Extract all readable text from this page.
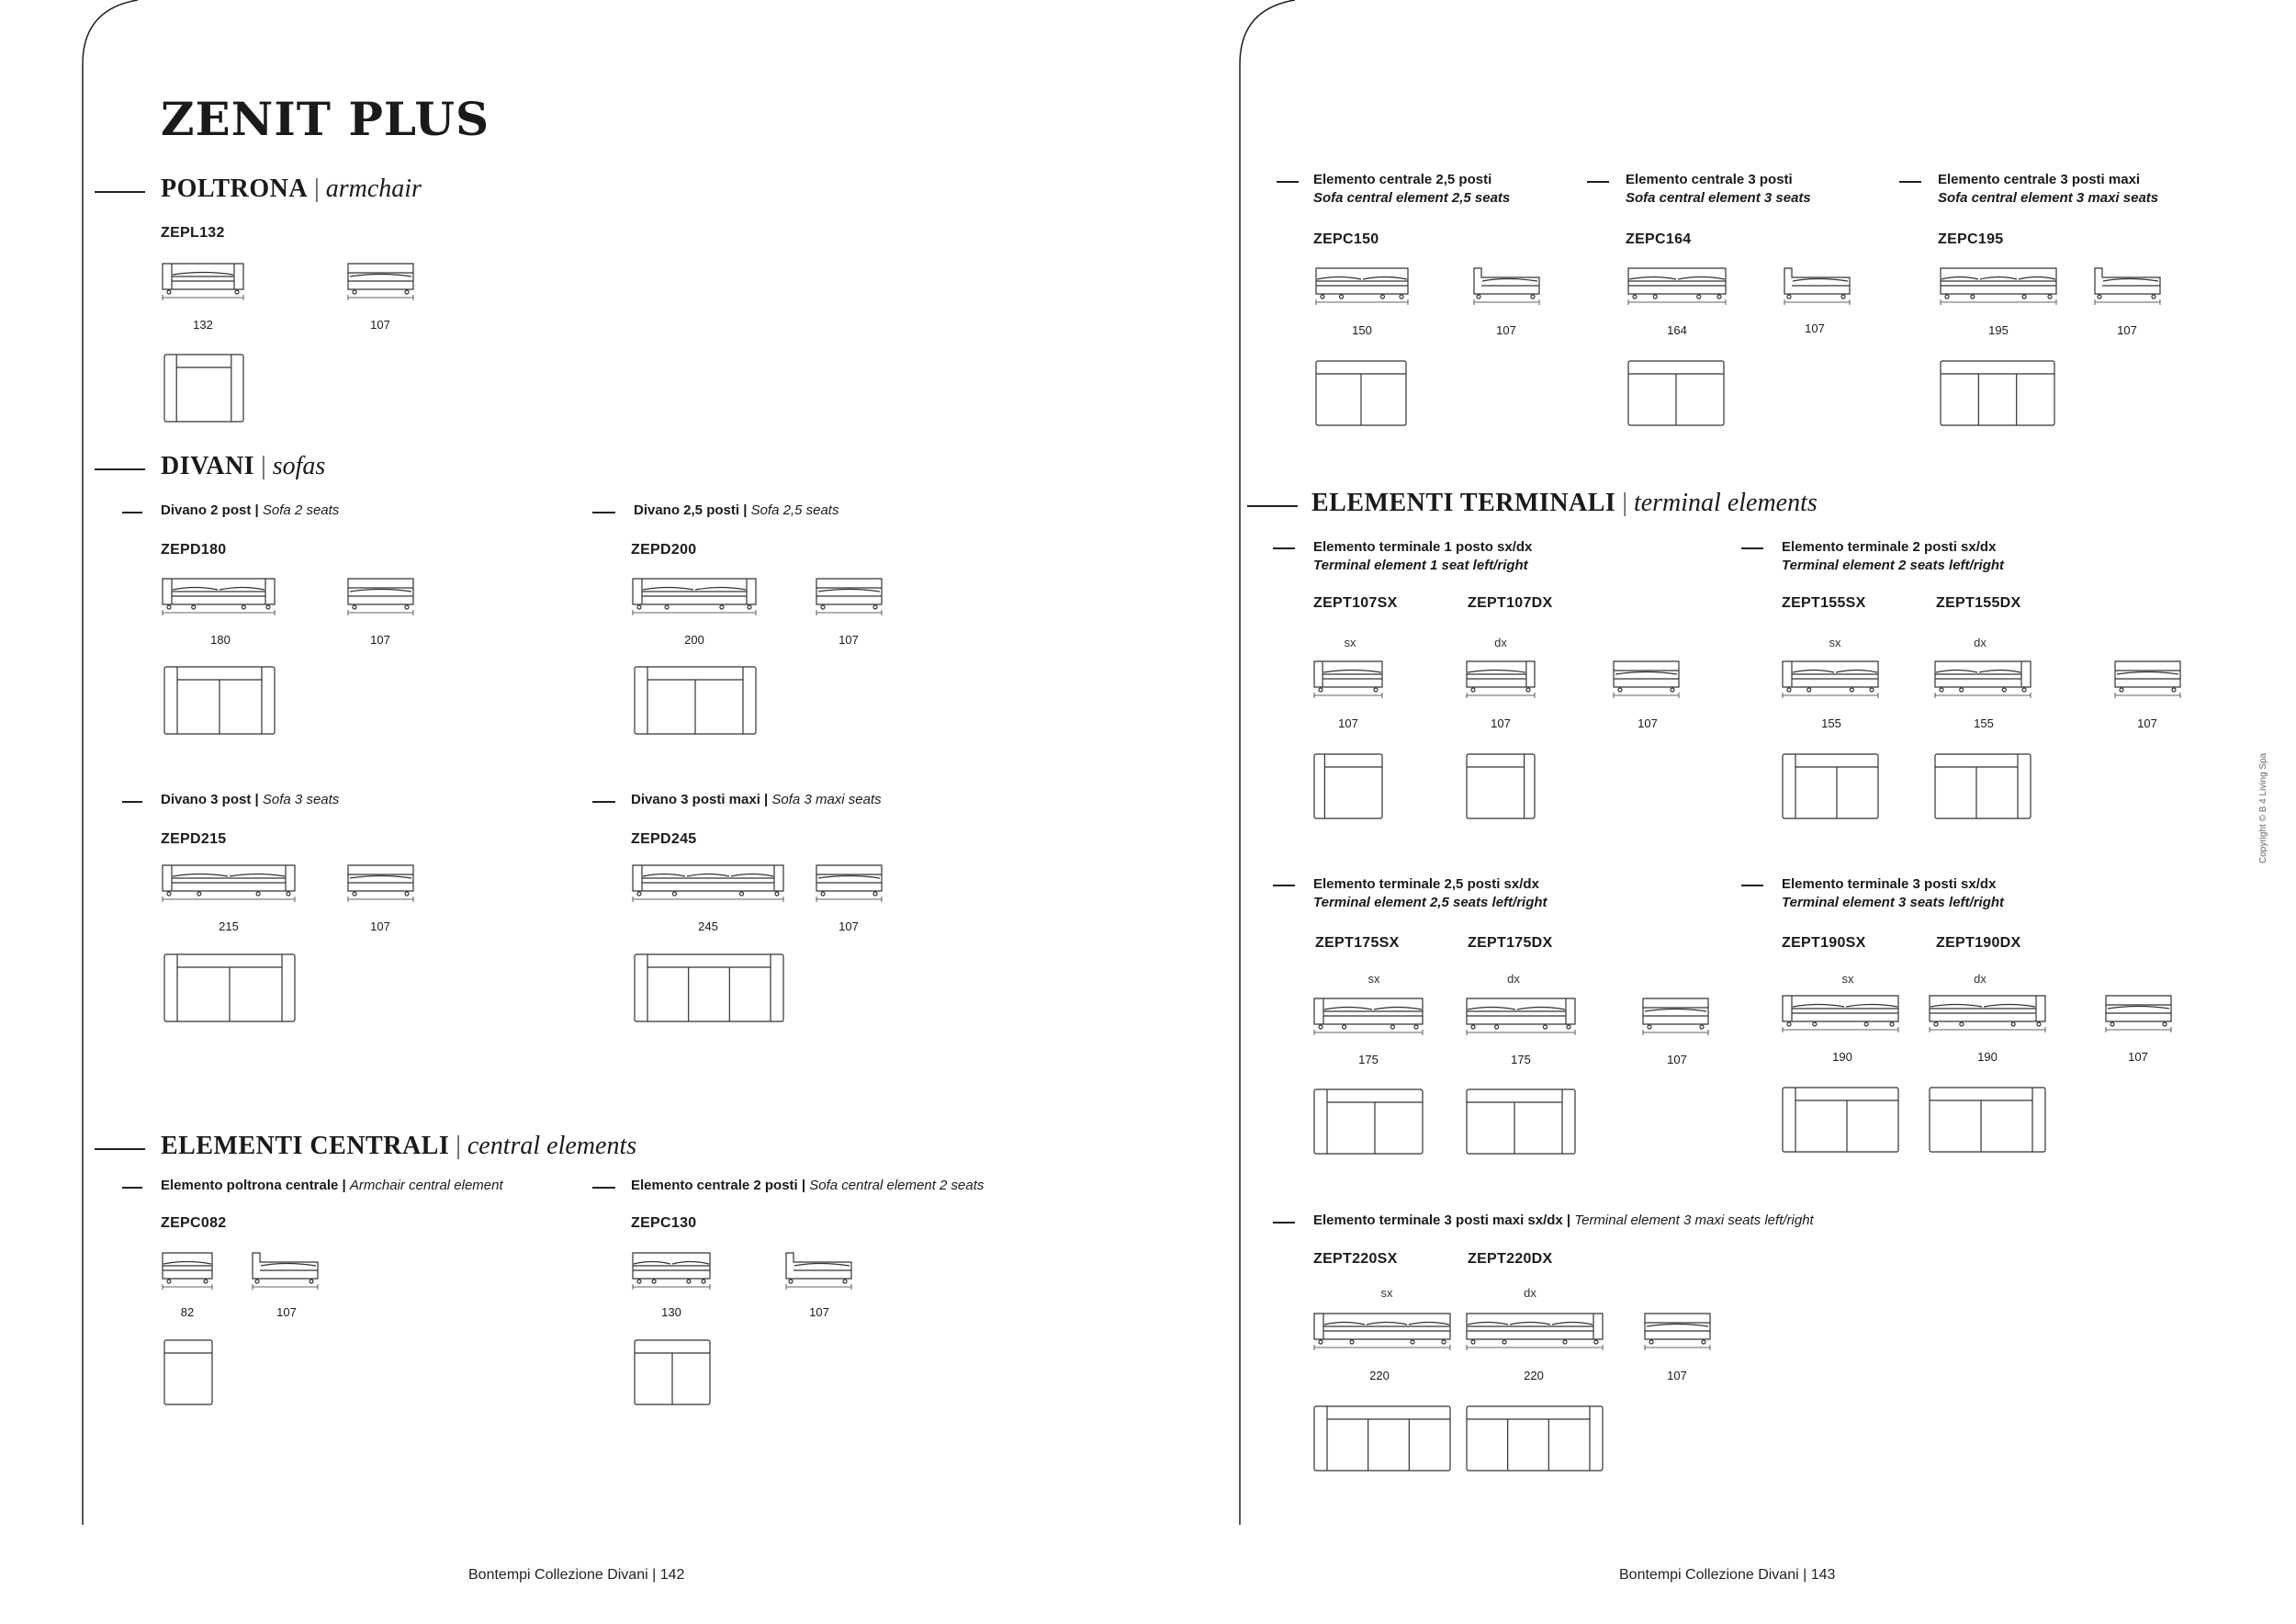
ZENIT PLUS
POLTRONA | armchair
ZEPL132
132	107
DIVANI | sofas
Divano 2 post | Sofa 2 seats
ZEPD180
180	107
Divano 2,5 posti | Sofa 2,5 seats
ZEPD200
200	107
Divano 3 post | Sofa 3 seats
ZEPD215
215	107
Divano 3 posti maxi | Sofa 3 maxi seats
ZEPD245
245	107
ELEMENTI CENTRALI | central elements
Elemento poltrona centrale | Armchair central element
ZEPC082
82	107
Elemento centrale 2 posti | Sofa central element 2 seats
ZEPC130
130	107
Bontempi Collezione Divani | 142
Elemento centrale 2,5 posti
Sofa central element 2,5 seats
ZEPC150
150	107
Elemento centrale 3 posti
Sofa central element 3 seats
ZEPC164
164	107
Elemento centrale 3 posti maxi
Sofa central element 3 maxi seats
ZEPC195
195	107
ELEMENTI TERMINALI | terminal elements
Elemento terminale 1 posto sx/dx
Terminal element 1 seat left/right
ZEPT107SX	ZEPT107DX
sx	dx
107	107	107
Elemento terminale 2 posti sx/dx
Terminal element 2 seats left/right
ZEPT155SX	ZEPT155DX
sx	dx
155	155	107
Elemento terminale 2,5 posti sx/dx
Terminal element 2,5 seats left/right
ZEPT175SX	ZEPT175DX
sx	dx
175	175	107
Elemento terminale 3 posti sx/dx
Terminal element 3 seats left/right
ZEPT190SX	ZEPT190DX
sx	dx
190	190	107
Elemento terminale 3 posti maxi sx/dx | Terminal element 3 maxi seats left/right
ZEPT220SX	ZEPT220DX
sx	dx
220	220	107
Bontempi Collezione Divani | 143
Copyright © B 4 Living Spa
